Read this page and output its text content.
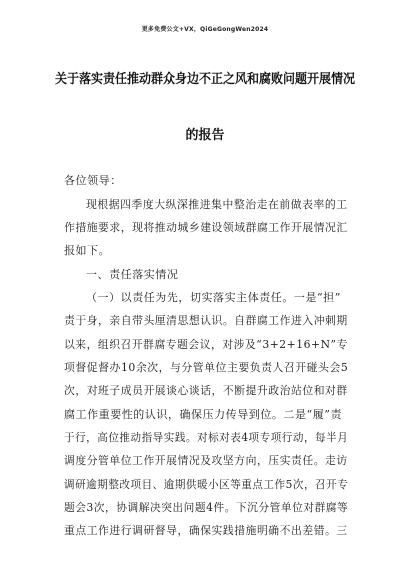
更多免费公文+VX，QiGeGongWen2024
关于落实责任推动群众身边不正之风和腐败问题开展情况
的报告
各位领导：
现根据四季度大纵深推进集中整治走在前做表率的工
作措施要求，现将推动城乡建设领域群腐工作开展情况汇
报如下。
一、责任落实情况
（一）以责任为先，切实落实主体责任。一是“担”
责于身，亲自带头厘清思想认识。自群腐工作进入冲刺期
以来，组织召开群腐专题会议，对涉及“3+2+16+N”专
项督促督办10余次，与分管单位主要负责人召开碰头会5
次，对班子成员开展谈心谈话，不断提升政治站位和对群
腐工作重要性的认识，确保压力传导到位。二是“履”责
于行，高位推动指导实践。对标对表4项专项行动，每半月
调度分管单位工作开展情况及攻坚方向，压实责任。走访
调研逾期整改项目、逾期供暖小区等重点工作5次，召开专
题会3次，协调解决突出问题4件。下沉分管单位对群腐等
重点工作进行调研督导，确保实践措施明确不出差错。三
